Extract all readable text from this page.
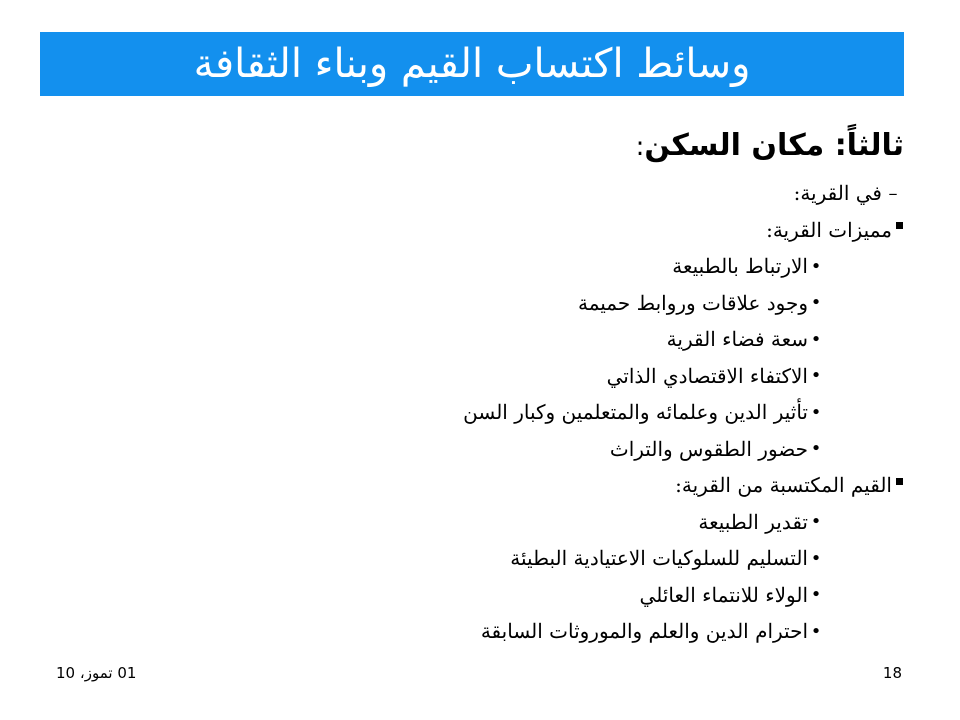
وسائط اكتساب القيم وبناء الثقافة
ثالثاً: مكان السكن:
–
في القرية:
مميزات القرية:
•
الارتباط بالطبيعة
•
وجود علاقات وروابط حميمة
•
سعة فضاء القرية
•
الاكتفاء الاقتصادي الذاتي
•
تأثير الدين وعلمائه والمتعلمين وكبار السن
•
حضور الطقوس والتراث
القيم المكتسبة من القرية:
•
تقدير الطبيعة
•
التسليم للسلوكيات الاعتيادية البطيئة
•
الولاء للانتماء العائلي
•
احترام الدين والعلم والموروثات السابقة
01 تموز، 10	18
